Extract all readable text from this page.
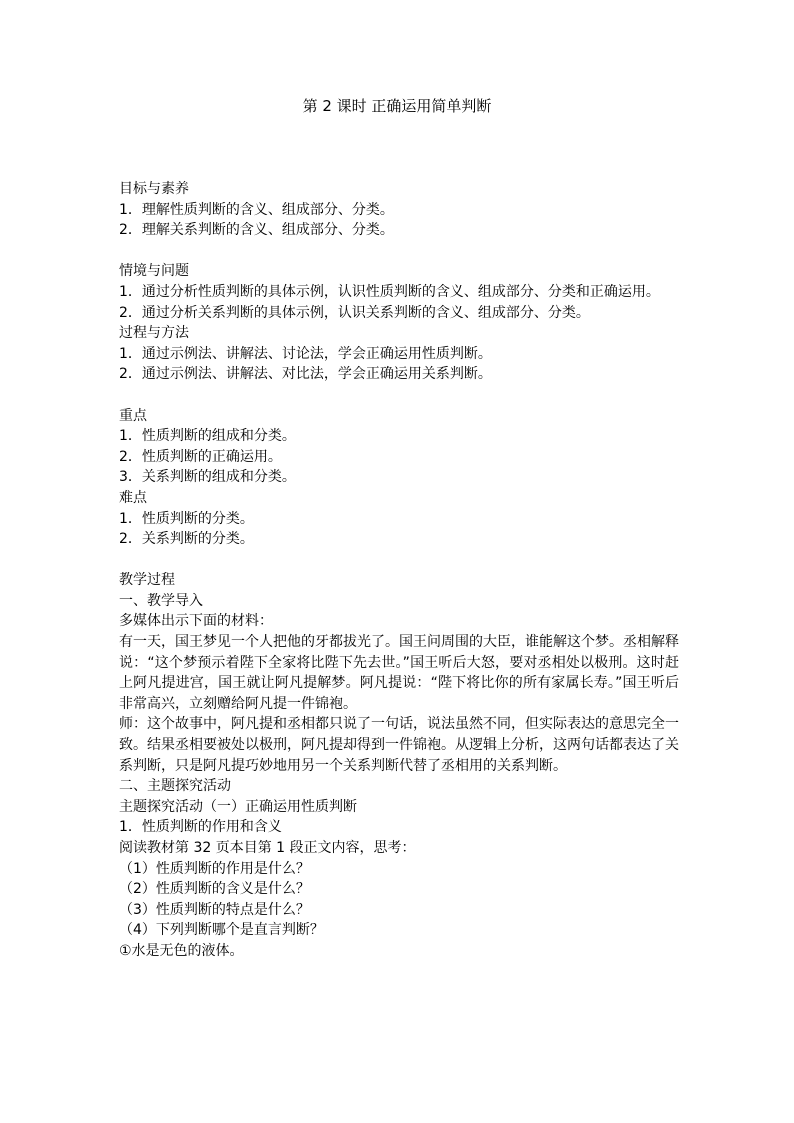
第 2 课时 正确运用简单判断
目标与素养
1．理解性质判断的含义、组成部分、分类。
2．理解关系判断的含义、组成部分、分类。
情境与问题
1．通过分析性质判断的具体示例，认识性质判断的含义、组成部分、分类和正确运用。
2．通过分析关系判断的具体示例，认识关系判断的含义、组成部分、分类。
过程与方法
1．通过示例法、讲解法、讨论法，学会正确运用性质判断。
2．通过示例法、讲解法、对比法，学会正确运用关系判断。
重点
1．性质判断的组成和分类。
2．性质判断的正确运用。
3．关系判断的组成和分类。
难点
1．性质判断的分类。
2．关系判断的分类。
教学过程
一、教学导入
多媒体出示下面的材料：
有一天，国王梦见一个人把他的牙都拔光了。国王问周围的大臣，谁能解这个梦。丞相解释说：“这个梦预示着陛下全家将比陛下先去世。”国王听后大怒，要对丞相处以极刑。这时赶上阿凡提进宫，国王就让阿凡提解梦。阿凡提说：“陛下将比你的所有家属长寿。”国王听后非常高兴，立刻赠给阿凡提一件锦袍。
师：这个故事中，阿凡提和丞相都只说了一句话，说法虽然不同，但实际表达的意思完全一致。结果丞相要被处以极刑，阿凡提却得到一件锦袍。从逻辑上分析，这两句话都表达了关系判断，只是阿凡提巧妙地用另一个关系判断代替了丞相用的关系判断。
二、主题探究活动
主题探究活动（一）正确运用性质判断
1．性质判断的作用和含义
阅读教材第 32 页本目第 1 段正文内容，思考：
（1）性质判断的作用是什么？
（2）性质判断的含义是什么？
（3）性质判断的特点是什么？
（4）下列判断哪个是直言判断？
①水是无色的液体。
